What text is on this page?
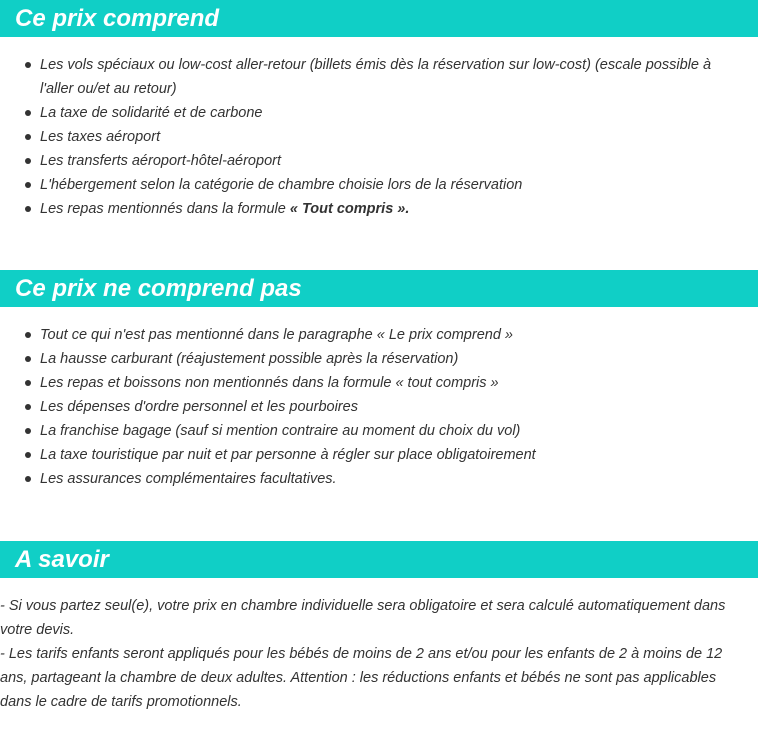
Ce prix comprend
Les vols spéciaux ou low-cost aller-retour (billets émis dès la réservation sur low-cost) (escale possible à l'aller ou/et au retour)
La taxe de solidarité et de carbone
Les taxes aéroport
Les transferts aéroport-hôtel-aéroport
L'hébergement selon la catégorie de chambre choisie lors de la réservation
Les repas mentionnés dans la formule « Tout compris ».
Ce prix ne comprend pas
Tout ce qui n'est pas mentionné dans le paragraphe « Le prix comprend »
La hausse carburant (réajustement possible après la réservation)
Les repas et boissons non mentionnés dans la formule « tout compris »
Les dépenses d'ordre personnel et les pourboires
La franchise bagage (sauf si mention contraire au moment du choix du vol)
La taxe touristique par nuit et par personne à régler sur place obligatoirement
Les assurances complémentaires facultatives.
A savoir

- Si vous partez seul(e), votre prix en chambre individuelle sera obligatoire et sera calculé automatiquement dans votre devis.

- Les tarifs enfants seront appliqués pour les bébés de moins de 2 ans et/ou pour les enfants de 2 à moins de 12 ans, partageant la chambre de deux adultes. Attention : les réductions enfants et bébés ne sont pas applicables dans le cadre de tarifs promotionnels.
